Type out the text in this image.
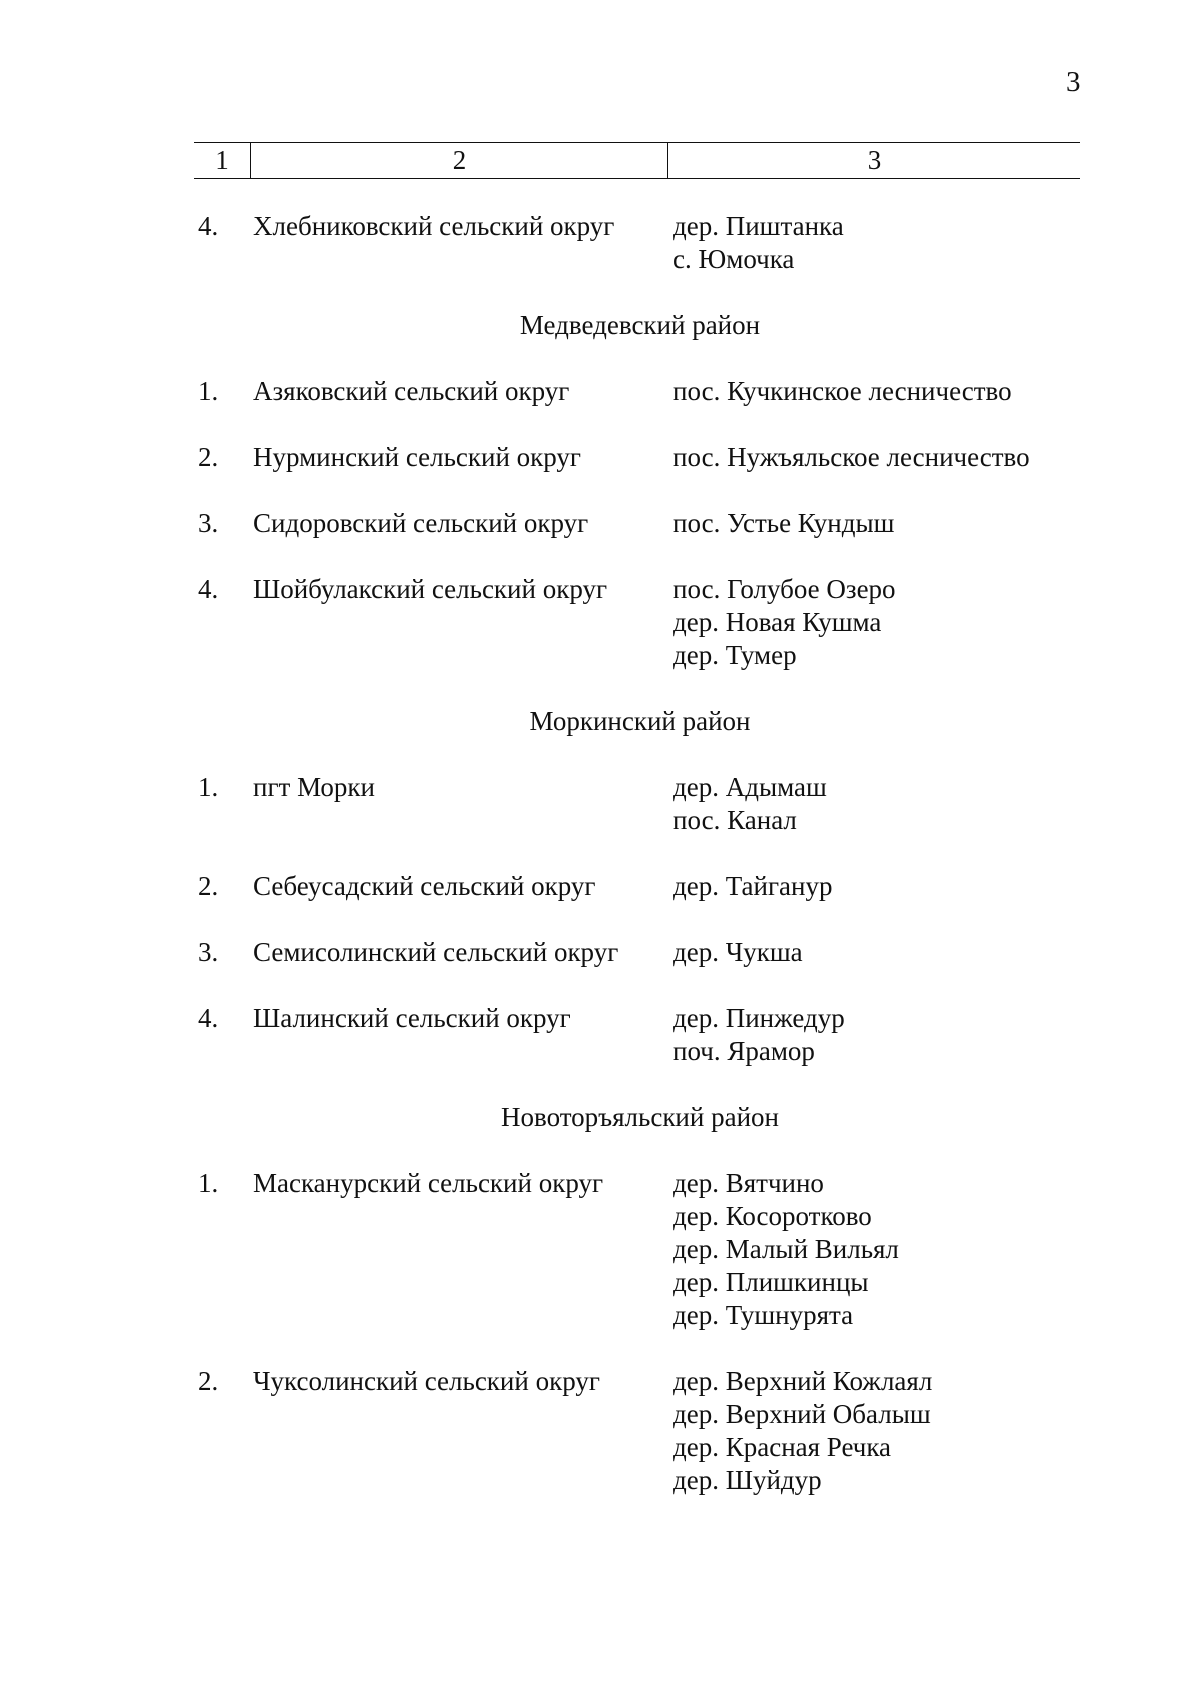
3
1	2	3
4.	Хлебниковский сельский округ	дер. Пиштанка
с. Юмочка
Медведевский район
1.	Азяковский сельский округ	пос. Кучкинское лесничество
2.	Нурминский сельский округ	пос. Нужъяльское лесничество
3.	Сидоровский сельский округ	пос. Устье Кундыш
4.	Шойбулакский сельский округ	пос. Голубое Озеро
дер. Новая Кушма
дер. Тумер
Моркинский район
1.	пгт Морки	дер. Адымаш
пос. Канал
2.	Себеусадский сельский округ	дер. Тайганур
3.	Семисолинский сельский округ	дер. Чукша
4.	Шалинский сельский округ	дер. Пинжедур
поч. Ярамор
Новоторъяльский район
1.	Масканурский сельский округ	дер. Вятчино
дер. Косоротково
дер. Малый Вильял
дер. Плишкинцы
дер. Тушнурята
2.	Чуксолинский сельский округ	дер. Верхний Кожлаял
дер. Верхний Обалыш
дер. Красная Речка
дер. Шуйдур
